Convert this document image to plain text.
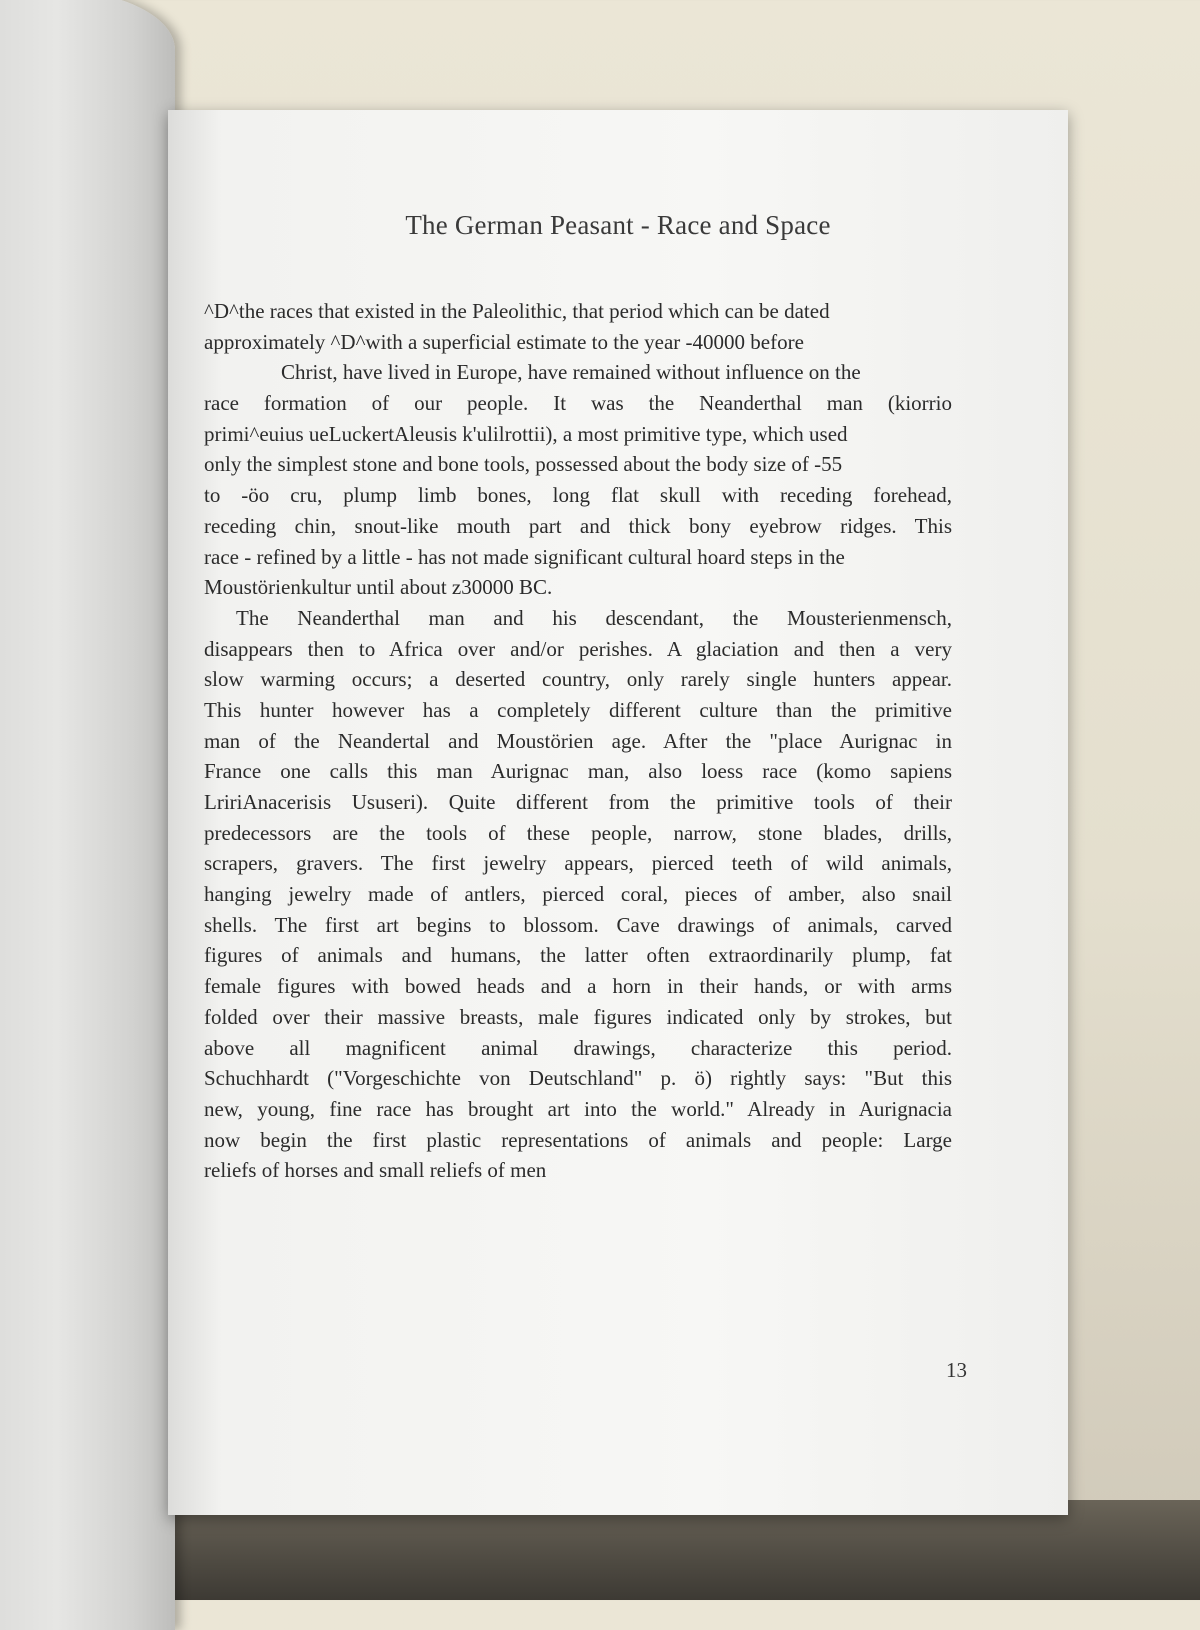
The German Peasant - Race and Space
^D^the races that existed in the Paleolithic, that period which can be dated
approximately ^D^with a superficial estimate to the year -40000 before
Christ, have lived in Europe, have remained without influence on the
race formation of our people. It was the Neanderthal man (kiorrio
primi^euius ueLuckertAleusis k'ulilrottii), a most primitive type, which used
only the simplest stone and bone tools, possessed about the body size of -55
to -öo cru, plump limb bones, long flat skull with receding forehead,
receding chin, snout-like mouth part and thick bony eyebrow ridges. This
race - refined by a little - has not made significant cultural hoard steps in the
Moustörienkultur until about z30000 BC.
The Neanderthal man and his descendant, the Mousterienmensch,
disappears then to Africa over and/or perishes. A glaciation and then a very
slow warming occurs; a deserted country, only rarely single hunters appear.
This hunter however has a completely different culture than the primitive
man of the Neandertal and Moustörien age. After the "place Aurignac in
France one calls this man Aurignac man, also loess race (komo sapiens
LririAnacerisis Ususeri). Quite different from the primitive tools of their
predecessors are the tools of these people, narrow, stone blades, drills,
scrapers, gravers. The first jewelry appears, pierced teeth of wild animals,
hanging jewelry made of antlers, pierced coral, pieces of amber, also snail
shells. The first art begins to blossom. Cave drawings of animals, carved
figures of animals and humans, the latter often extraordinarily plump, fat
female figures with bowed heads and a horn in their hands, or with arms
folded over their massive breasts, male figures indicated only by strokes, but
above all magnificent animal drawings, characterize this period.
Schuchhardt ("Vorgeschichte von Deutschland" p. ö) rightly says: "But this
new, young, fine race has brought art into the world." Already in Aurignacia
now begin the first plastic representations of animals and people: Large
reliefs of horses and small reliefs of men
13
